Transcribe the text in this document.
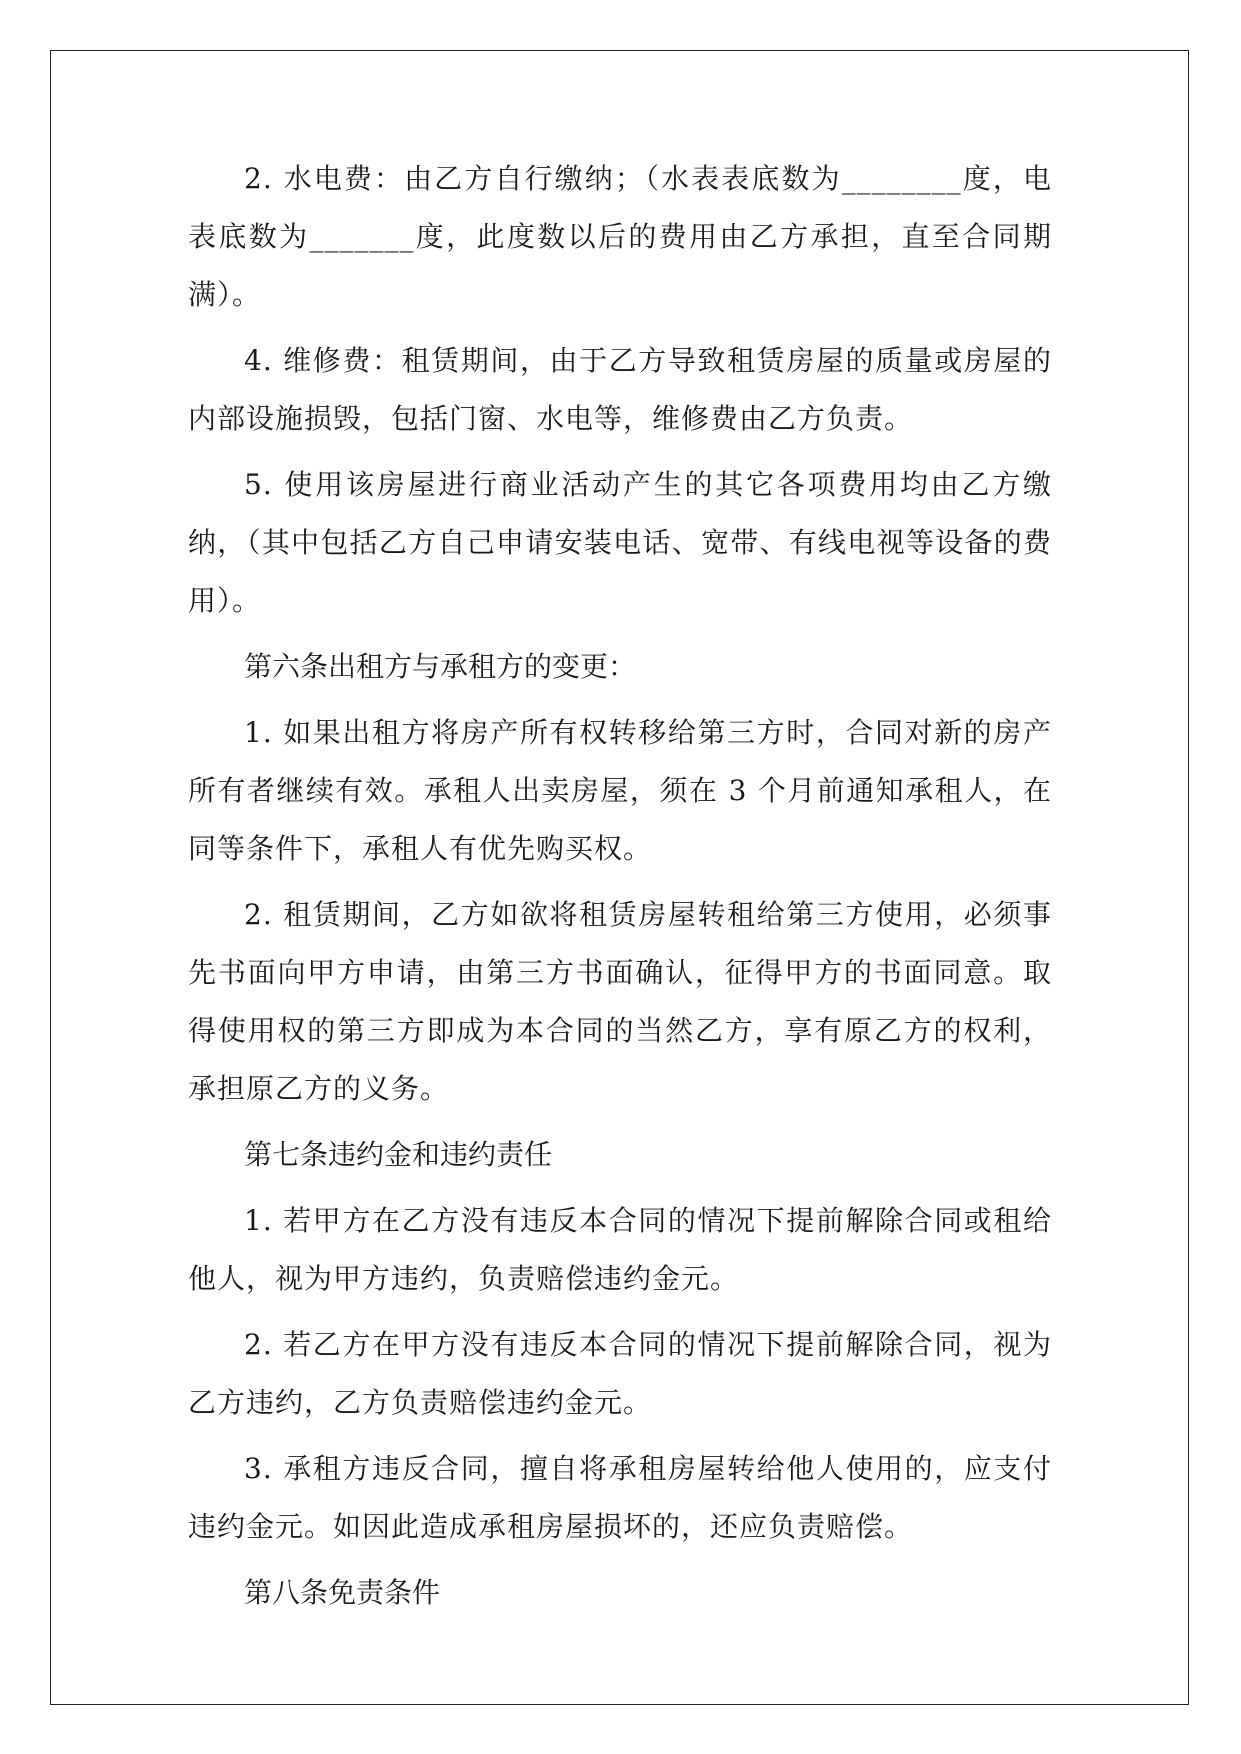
2. 水电费：由乙方自行缴纳；（水表表底数为________度，电表底数为_______度，此度数以后的费用由乙方承担，直至合同期满）。

4. 维修费：租赁期间，由于乙方导致租赁房屋的质量或房屋的内部设施损毁，包括门窗、水电等，维修费由乙方负责。

5. 使用该房屋进行商业活动产生的其它各项费用均由乙方缴纳，（其中包括乙方自己申请安装电话、宽带、有线电视等设备的费用）。

第六条出租方与承租方的变更：

1. 如果出租方将房产所有权转移给第三方时，合同对新的房产所有者继续有效。承租人出卖房屋，须在 3 个月前通知承租人，在同等条件下，承租人有优先购买权。

2. 租赁期间，乙方如欲将租赁房屋转租给第三方使用，必须事先书面向甲方申请，由第三方书面确认，征得甲方的书面同意。取得使用权的第三方即成为本合同的当然乙方，享有原乙方的权利，承担原乙方的义务。

第七条违约金和违约责任

1. 若甲方在乙方没有违反本合同的情况下提前解除合同或租给他人，视为甲方违约，负责赔偿违约金元。

2. 若乙方在甲方没有违反本合同的情况下提前解除合同，视为乙方违约，乙方负责赔偿违约金元。

3. 承租方违反合同，擅自将承租房屋转给他人使用的，应支付违约金元。如因此造成承租房屋损坏的，还应负责赔偿。

第八条免责条件
